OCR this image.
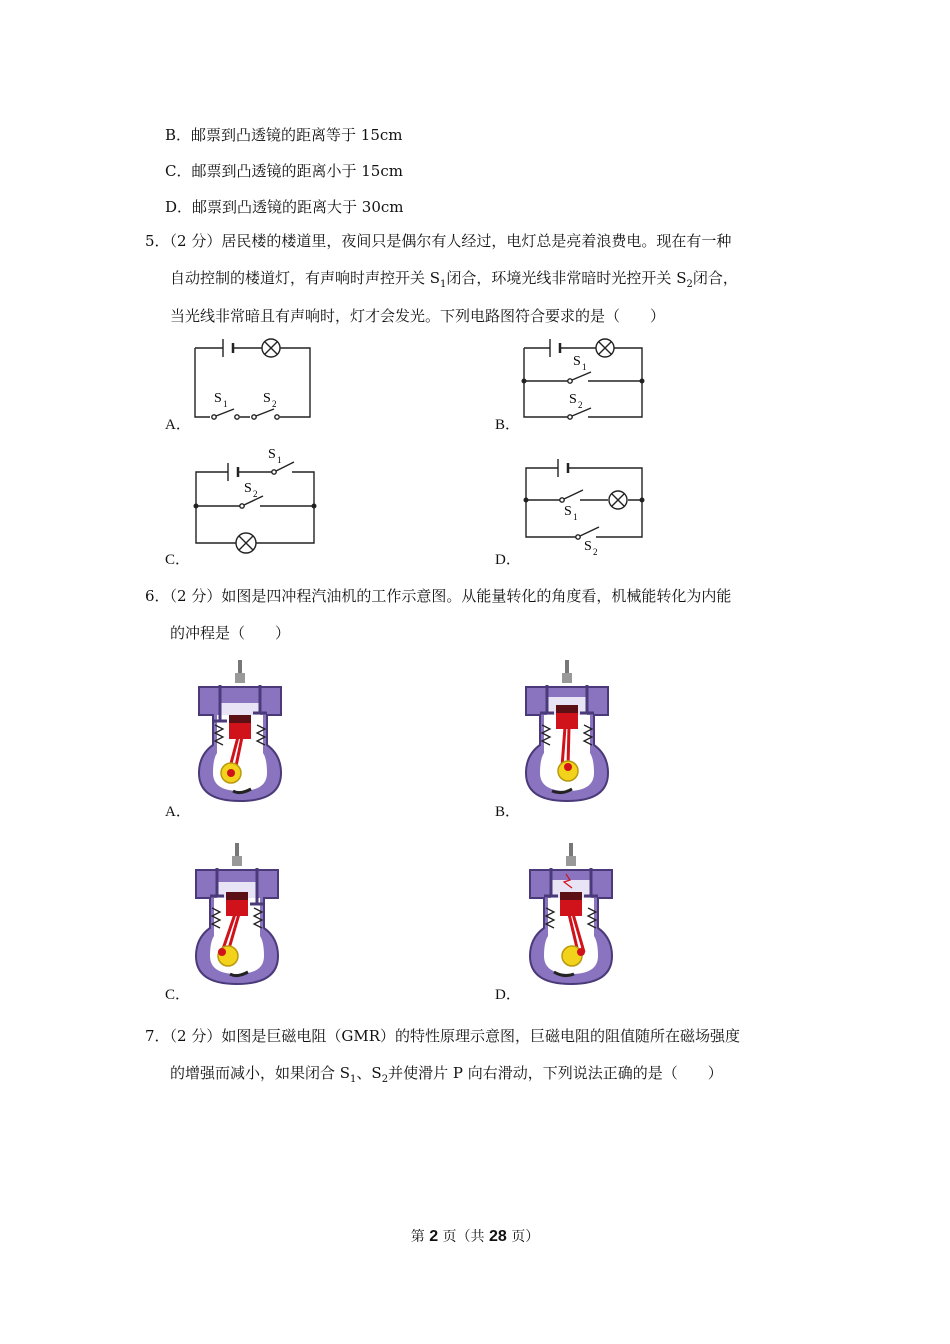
B．邮票到凸透镜的距离等于 15cm
C．邮票到凸透镜的距离小于 15cm
D．邮票到凸透镜的距离大于 30cm
5．（2 分）居民楼的楼道里，夜间只是偶尔有人经过，电灯总是亮着浪费电。现在有一种
自动控制的楼道灯，有声响时声控开关 $S_1$闭合，环境光线非常暗时光控开关 $S_2$闭合，
当光线非常暗且有声响时，灯才会发光。下列电路图符合要求的是（　　）
S 1	S 2
A．
S 1
S 2
B．
S 1
S 2
C．
S 1
S 2
D．
6．（2 分）如图是四冲程汽油机的工作示意图。从能量转化的角度看，机械能转化为内能
的冲程是（　　）
A．	B．
C．	D．
7．（2 分）如图是巨磁电阻（GMR）的特性原理示意图，巨磁电阻的阻值随所在磁场强度
的增强而减小，如果闭合 $S_1$、$S_2$并使滑片 P 向右滑动，下列说法正确的是（　　）
第 2 页（共 28 页）
